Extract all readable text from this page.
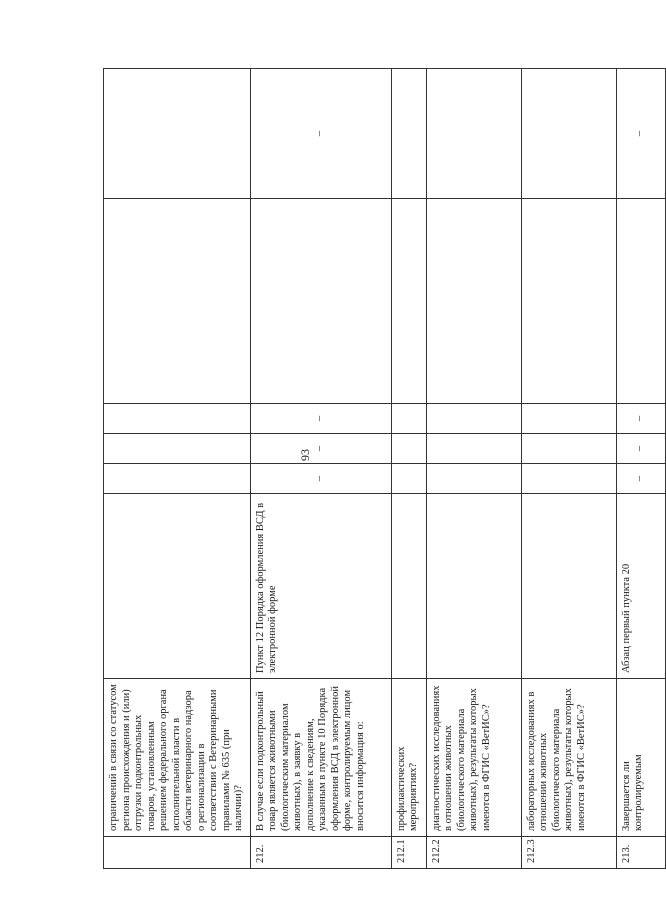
93
	ограничений в связи со статусом региона происхождения и (или) отгрузки подконтрольных товаров, установленным решением федерального органа исполнительной власти в области ветеринарного надзора о регионализации в соответствии с Ветеринарными правилами № 635 (при наличии)?						
212.	В случае если подконтрольный товар является животными (биологическим материалом животных), в заявку в дополнение к сведениям, указанным в пункте 10 Порядка оформления ВСД в электронной форме, контролируемым лицом вносится информация о:	Пункт 12 Порядка оформления ВСД в электронной форме	–	–	–		–
212.1	профилактических мероприятиях?						
212.2	диагностических исследованиях в отношении животных (биологического материала животных), результаты которых имеются в ФГИС «ВетИС»?						
212.3	лабораторных исследованиях в отношении животных (биологического материала животных), результаты которых имеются в ФГИС «ВетИС»?						
213.	Завершается ли контролируемым	Абзац первый пункта 20	–	–	–		–
